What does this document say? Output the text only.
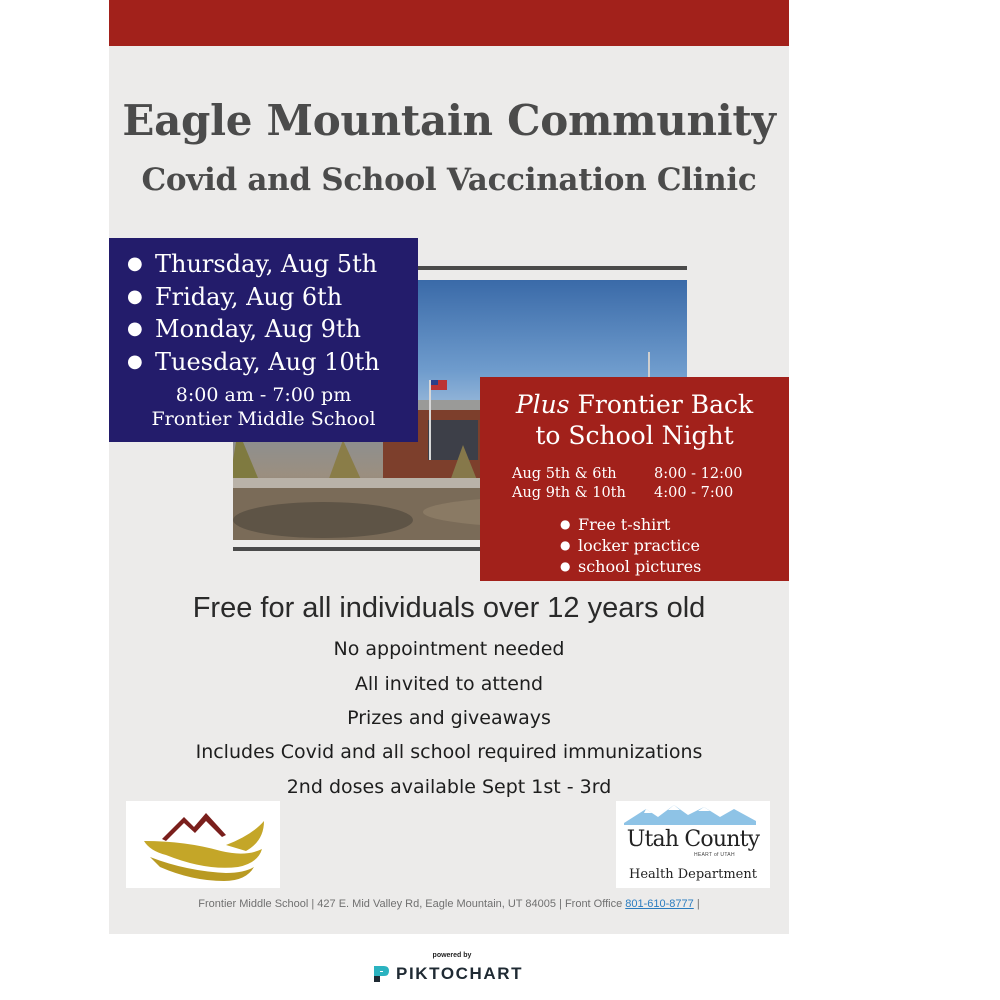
Eagle Mountain Community
Covid and School Vaccination Clinic
● Thursday, Aug 5th
● Friday, Aug 6th
● Monday, Aug 9th
● Tuesday, Aug 10th
8:00 am - 7:00 pm
Frontier Middle School	Plus Frontier Back
to School Night
Aug 5th & 6th	8:00 - 12:00
Aug 9th & 10th	4:00 - 7:00
● Free t-shirt
● locker practice
● school pictures
Free for all individuals over 12 years old
No appointment needed
All invited to attend
Prizes and giveaways
Includes Covid and all school required immunizations
2nd doses available Sept 1st - 3rd
Utah County
HEART of UTAH
Health Department
Frontier Middle School | 427 E. Mid Valley Rd, Eagle Mountain, UT 84005 | Front Office 801-610-8777 |
powered by
PIKTOCHART
